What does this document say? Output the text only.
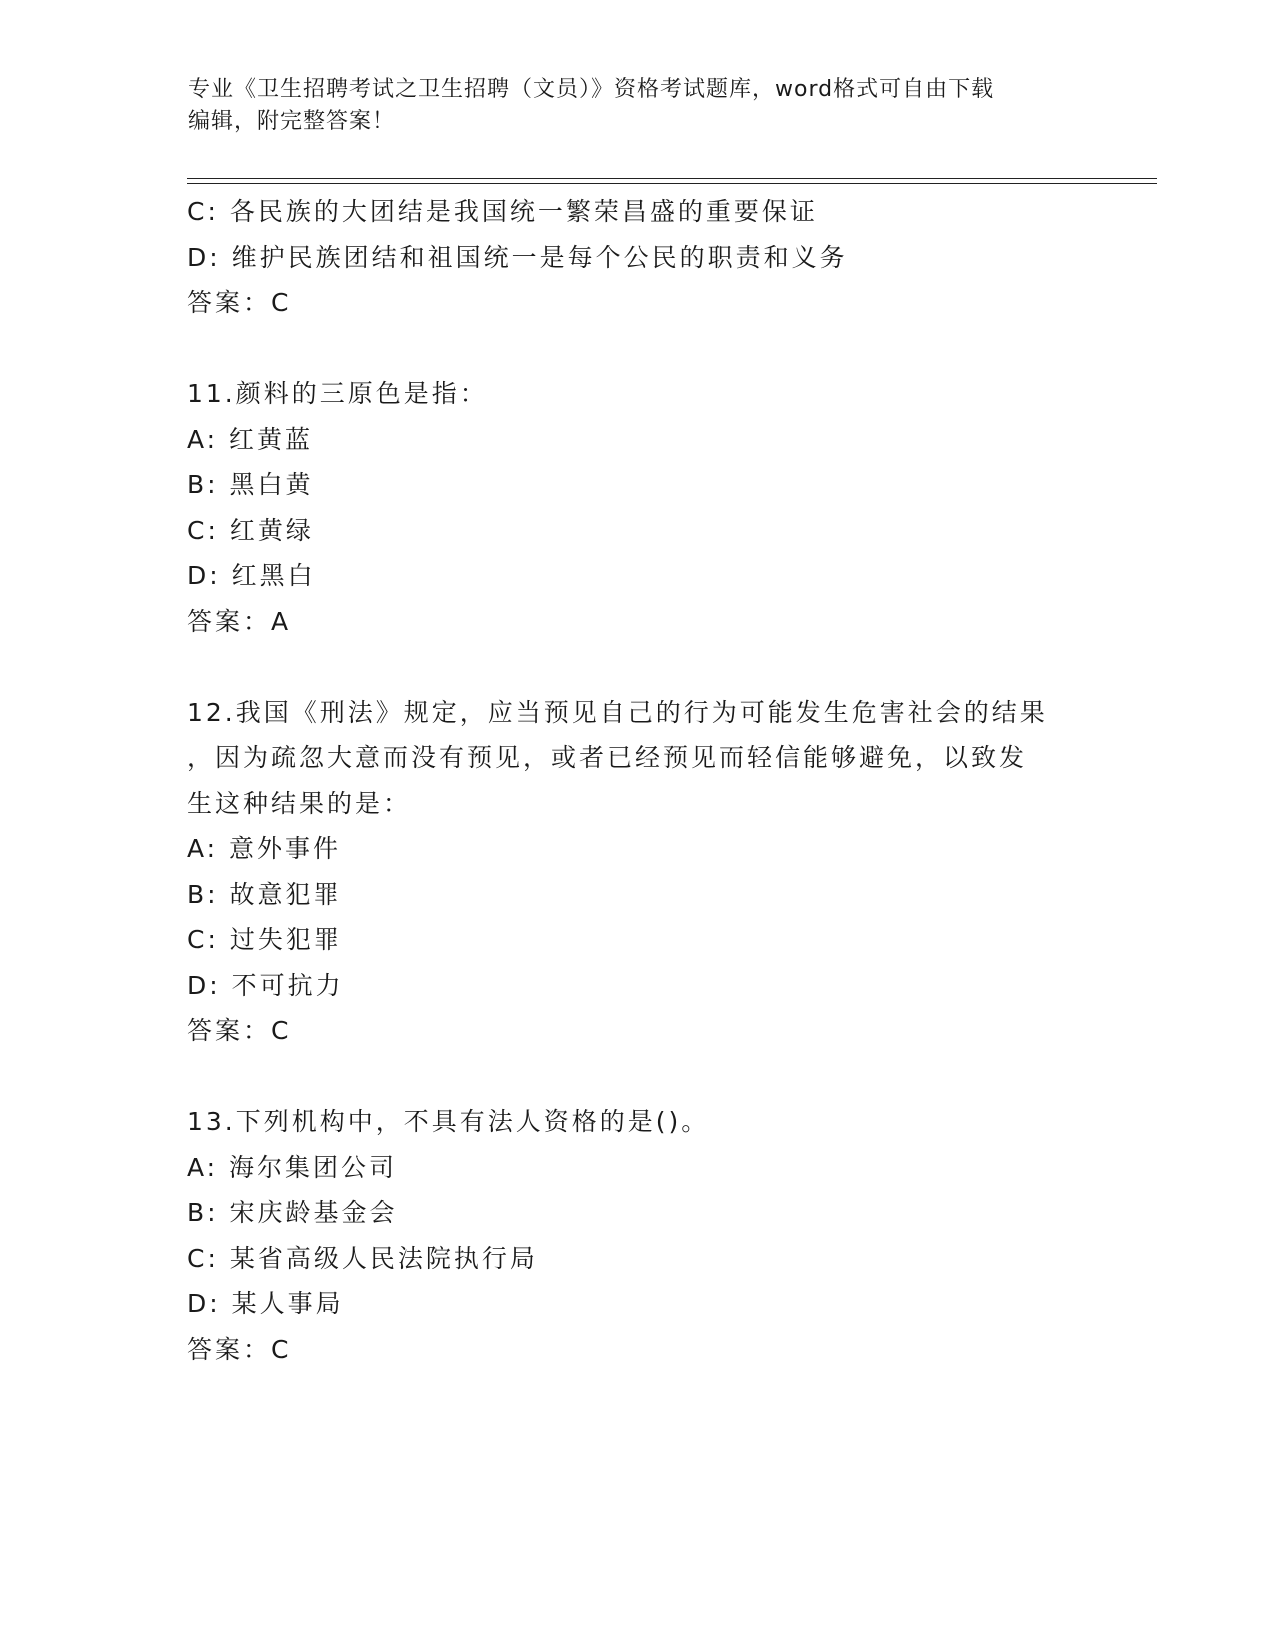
专业《卫生招聘考试之卫生招聘（文员）》资格考试题库，word格式可自由下载
编辑，附完整答案！
C: 各民族的大团结是我国统一繁荣昌盛的重要保证
D: 维护民族团结和祖国统一是每个公民的职责和义务
答案：C
11.颜料的三原色是指：
A: 红黄蓝
B: 黑白黄
C: 红黄绿
D: 红黑白
答案：A
12.我国《刑法》规定，应当预见自己的行为可能发生危害社会的结果
，因为疏忽大意而没有预见，或者已经预见而轻信能够避免，以致发
生这种结果的是：
A: 意外事件
B: 故意犯罪
C: 过失犯罪
D: 不可抗力
答案：C
13.下列机构中，不具有法人资格的是()。
A: 海尔集团公司
B: 宋庆龄基金会
C: 某省高级人民法院执行局
D: 某人事局
答案：C
